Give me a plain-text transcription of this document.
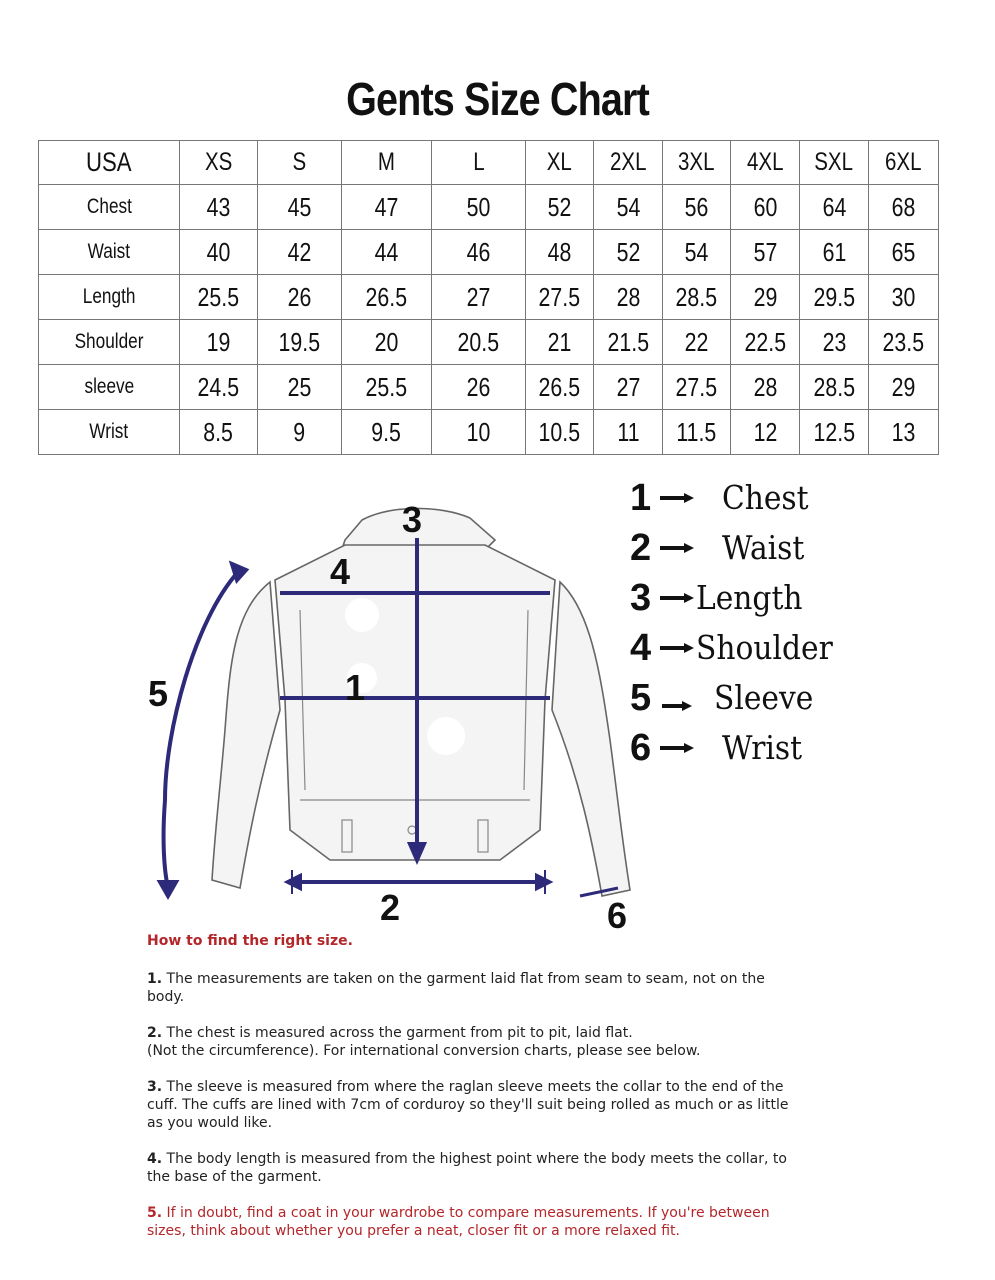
Gents Size Chart
USA	XS	S	M	L	XL	2XL	3XL	4XL	SXL	6XL
Chest	43	45	47	50	52	54	56	60	64	68
Waist	40	42	44	46	48	52	54	57	61	65
Length	25.5	26	26.5	27	27.5	28	28.5	29	29.5	30
Shoulder	19	19.5	20	20.5	21	21.5	22	22.5	23	23.5
sleeve	24.5	25	25.5	26	26.5	27	27.5	28	28.5	29
Wrist	8.5	9	9.5	10	10.5	11	11.5	12	12.5	13
1 Chest
2 Waist
3 Length
4 Shoulder
5 Sleeve
6 Wrist
3
4
1
5
2	6
How to find the right size.

1. The measurements are taken on the garment laid flat from seam to seam, not on the body.

2. The chest is measured across the garment from pit to pit, laid flat.
(Not the circumference). For international conversion charts, please see below.

3. The sleeve is measured from where the raglan sleeve meets the collar to the end of the cuff. The cuffs are lined with 7cm of corduroy so they'll suit being rolled as much or as little as you would like.

4. The body length is measured from the highest point where the body meets the collar, to the base of the garment.

5. If in doubt, find a coat in your wardrobe to compare measurements. If you're between sizes, think about whether you prefer a neat, closer fit or a more relaxed fit.
